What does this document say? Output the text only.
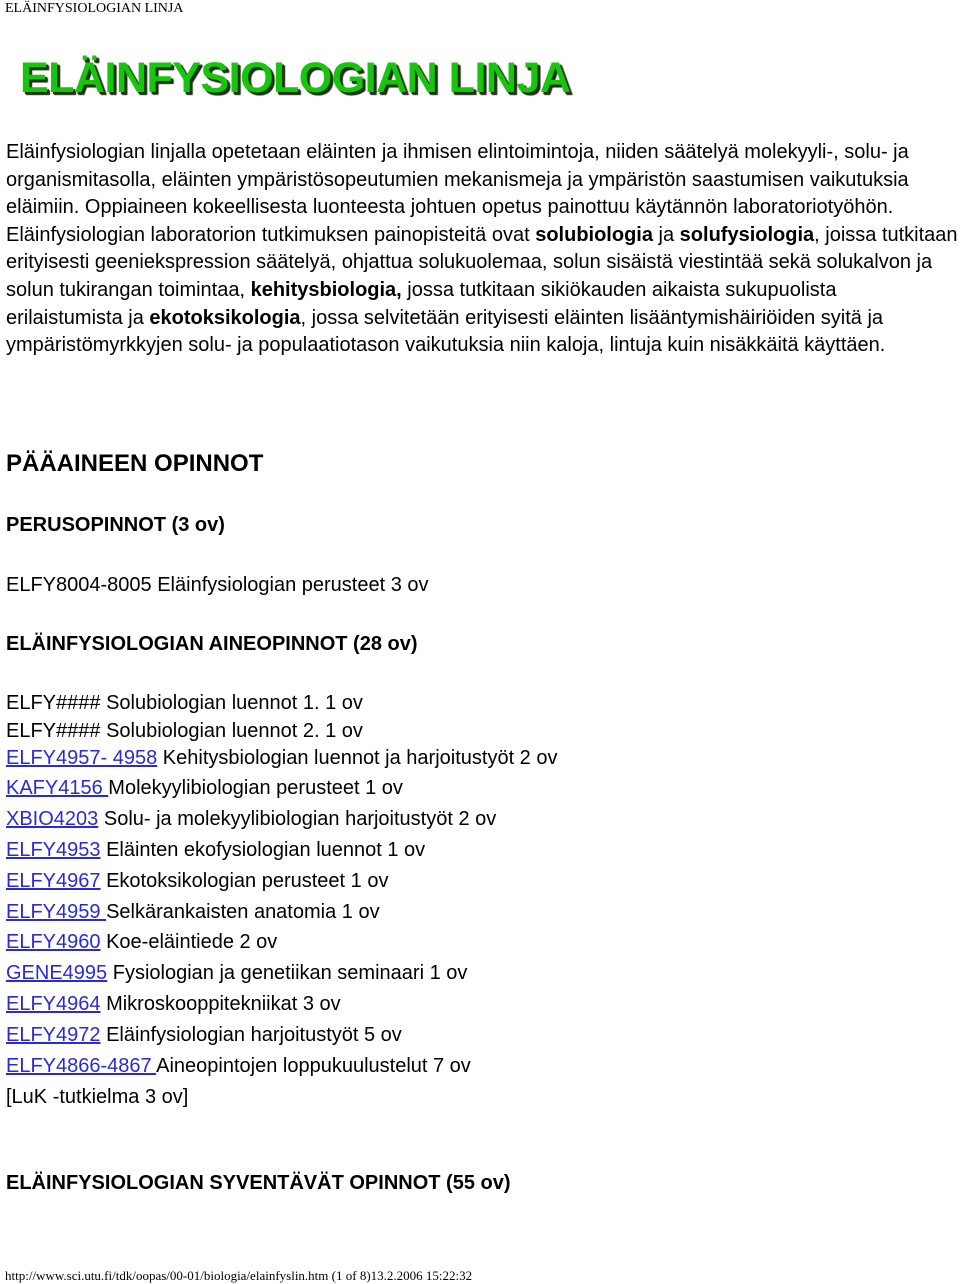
ELÄINFYSIOLOGIAN LINJA
ELÄINFYSIOLOGIAN LINJA

Eläinfysiologian linjalla opetetaan eläinten ja ihmisen elintoimintoja, niiden säätelyä molekyyli-, solu- ja organismitasolla, eläinten ympäristösopeutumien mekanismeja ja ympäristön saastumisen vaikutuksia eläimiin. Oppiaineen kokeellisesta luonteesta johtuen opetus painottuu käytännön laboratoriotyöhön. Eläinfysiologian laboratorion tutkimuksen painopisteitä ovat solubiologia ja solufysiologia, joissa tutkitaan erityisesti geeniekspression säätelyä, ohjattua solukuolemaa, solun sisäistä viestintää sekä solukalvon ja solun tukirangan toimintaa, kehitysbiologia, jossa tutkitaan sikiökauden aikaista sukupuolista erilaistumista ja ekotoksikologia, jossa selvitetään erityisesti eläinten lisääntymishäiriöiden syitä ja ympäristömyrkkyjen solu- ja populaatiotason vaikutuksia niin kaloja, lintuja kuin nisäkkäitä käyttäen.

PÄÄAINEEN OPINNOT
PERUSOPINNOT (3 ov)
ELFY8004-8005 Eläinfysiologian perusteet 3 ov
ELÄINFYSIOLOGIAN AINEOPINNOT (28 ov)
ELFY#### Solubiologian luennot 1. 1 ov
ELFY#### Solubiologian luennot 2. 1 ov
ELFY4957- 4958 Kehitysbiologian luennot ja harjoitustyöt 2 ov
KAFY4156 Molekyylibiologian perusteet 1 ov
XBIO4203 Solu- ja molekyylibiologian harjoitustyöt 2 ov
ELFY4953 Eläinten ekofysiologian luennot 1 ov
ELFY4967 Ekotoksikologian perusteet 1 ov
ELFY4959 Selkärankaisten anatomia 1 ov
ELFY4960 Koe-eläintiede 2 ov
GENE4995 Fysiologian ja genetiikan seminaari 1 ov
ELFY4964 Mikroskooppitekniikat 3 ov
ELFY4972 Eläinfysiologian harjoitustyöt 5 ov
ELFY4866-4867 Aineopintojen loppukuulustelut 7 ov
[LuK -tutkielma 3 ov]
ELÄINFYSIOLOGIAN SYVENTÄVÄT OPINNOT (55 ov)
http://www.sci.utu.fi/tdk/oopas/00-01/biologia/elainfyslin.htm (1 of 8)13.2.2006 15:22:32
